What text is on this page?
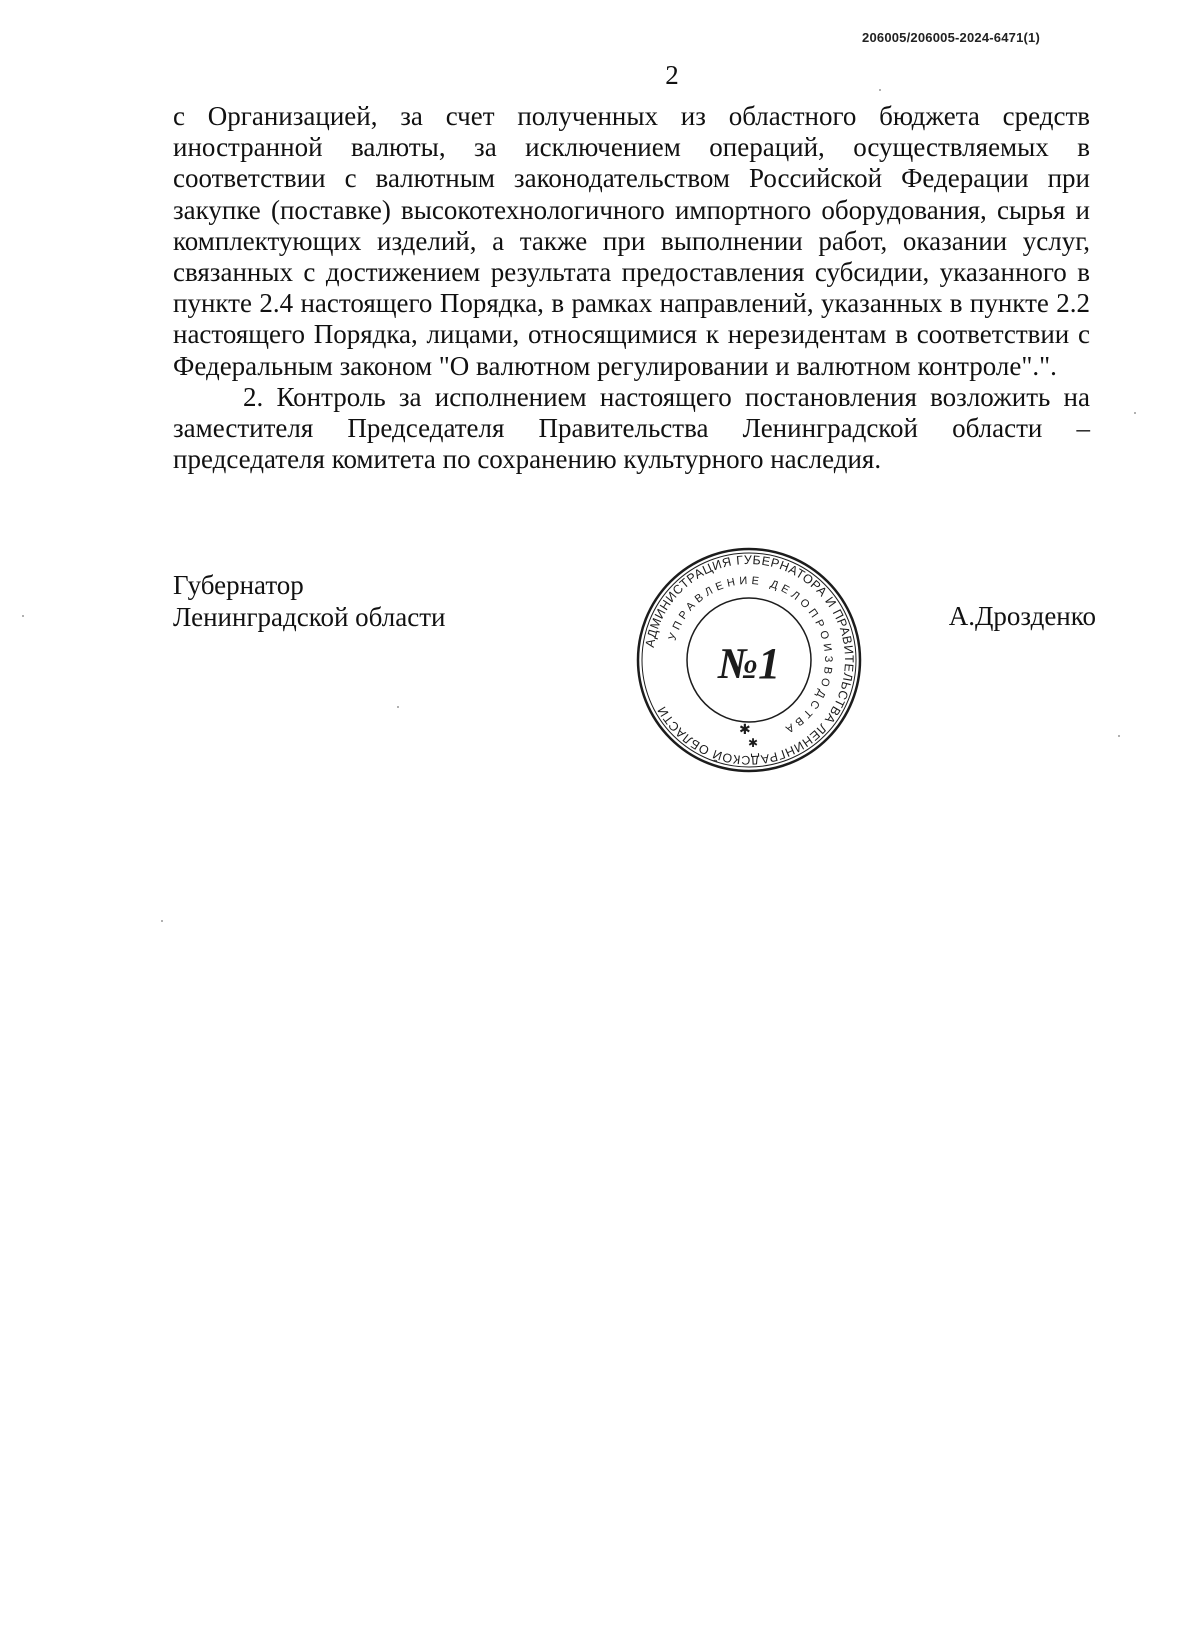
206005/206005-2024-6471(1)
2

с Организацией, за счет полученных из областного бюджета средств иностранной валюты, за исключением операций, осуществляемых в соответствии с валютным законодательством Российской Федерации при закупке (поставке) высокотехнологичного импортного оборудования, сырья и комплектующих изделий, а также при выполнении работ, оказании услуг, связанных с достижением результата предоставления субсидии, указанного в пункте 2.4 настоящего Порядка, в рамках направлений, указанных в пункте 2.2 настоящего Порядка, лицами, относящимися к нерезидентам в соответствии с Федеральным законом "О валютном регулировании и валютном контроле".".

2. Контроль за исполнением настоящего постановления возложить на заместителя Председателя Правительства Ленинградской области – председателя комитета по сохранению культурного наследия.

Губернатор
Ленинградской области
АДМИНИСТРАЦИЯ ГУБЕРНАТОРА И ПРАВИТЕЛЬСТВА ЛЕНИНГРАДСКОЙ ОБЛАСТИ
УПРАВЛЕНИЕ ДЕЛОПРОИЗВОДСТВА
№1
✱
✱
А.Дрозденко
